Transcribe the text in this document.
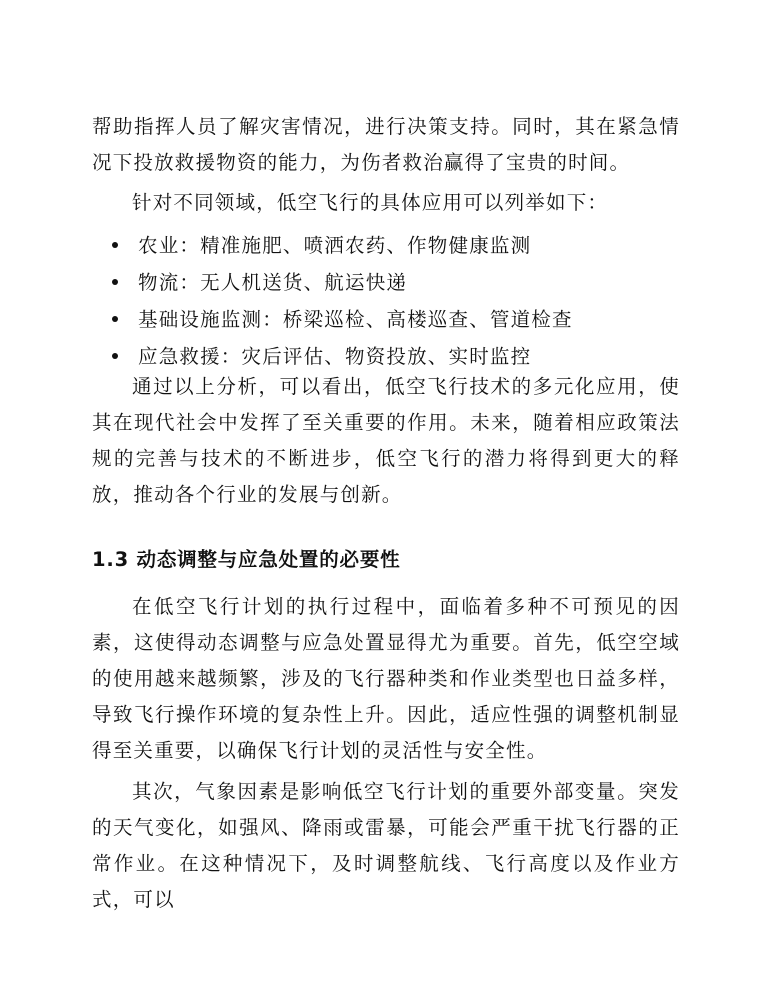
帮助指挥人员了解灾害情况，进行决策支持。同时，其在紧急情况下投放救援物资的能力，为伤者救治赢得了宝贵的时间。

针对不同领域，低空飞行的具体应用可以列举如下：

农业：精准施肥、喷洒农药、作物健康监测
物流：无人机送货、航运快递
基础设施监测：桥梁巡检、高楼巡查、管道检查
应急救援：灾后评估、物资投放、实时监控

通过以上分析，可以看出，低空飞行技术的多元化应用，使其在现代社会中发挥了至关重要的作用。未来，随着相应政策法规的完善与技术的不断进步，低空飞行的潜力将得到更大的释放，推动各个行业的发展与创新。

1.3 动态调整与应急处置的必要性

在低空飞行计划的执行过程中，面临着多种不可预见的因素，这使得动态调整与应急处置显得尤为重要。首先，低空空域的使用越来越频繁，涉及的飞行器种类和作业类型也日益多样，导致飞行操作环境的复杂性上升。因此，适应性强的调整机制显得至关重要，以确保飞行计划的灵活性与安全性。

其次，气象因素是影响低空飞行计划的重要外部变量。突发的天气变化，如强风、降雨或雷暴，可能会严重干扰飞行器的正常作业。在这种情况下，及时调整航线、飞行高度以及作业方式，可以
